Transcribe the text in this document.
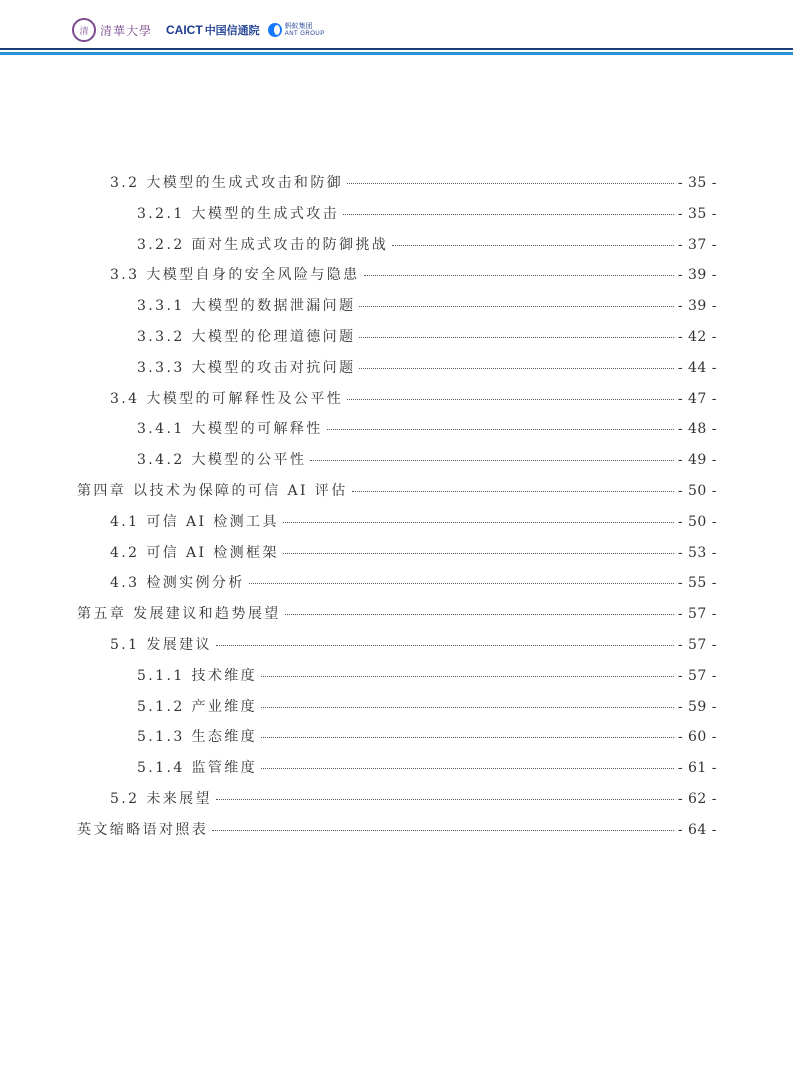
清 清華大學 CAICT 中国信通院	蚂蚁集团
ANT GROUP
3.2 大模型的生成式攻击和防御	- 35 -
3.2.1 大模型的生成式攻击	- 35 -
3.2.2 面对生成式攻击的防御挑战	- 37 -
3.3 大模型自身的安全风险与隐患	- 39 -
3.3.1 大模型的数据泄漏问题	- 39 -
3.3.2 大模型的伦理道德问题	- 42 -
3.3.3 大模型的攻击对抗问题	- 44 -
3.4 大模型的可解释性及公平性	- 47 -
3.4.1 大模型的可解释性	- 48 -
3.4.2 大模型的公平性	- 49 -
第四章 以技术为保障的可信 AI 评估	- 50 -
4.1 可信 AI 检测工具	- 50 -
4.2 可信 AI 检测框架	- 53 -
4.3 检测实例分析	- 55 -
第五章 发展建议和趋势展望	- 57 -
5.1 发展建议	- 57 -
5.1.1 技术维度	- 57 -
5.1.2 产业维度	- 59 -
5.1.3 生态维度	- 60 -
5.1.4 监管维度	- 61 -
5.2 未来展望	- 62 -
英文缩略语对照表	- 64 -
